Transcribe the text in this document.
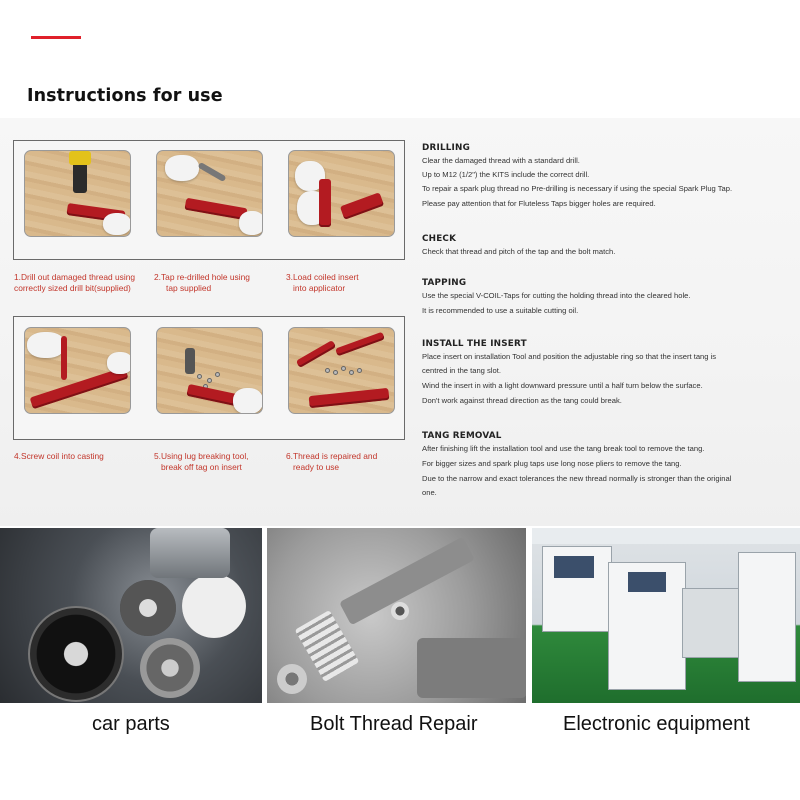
Instructions for use
1.Drill out damaged thread using
correctly sized drill bit(supplied)
2.Tap re-drilled hole using
tap supplied
3.Load coiled insert
into applicator
4.Screw coil into casting	5.Using lug breaking tool,
break off tag on insert
6.Thread is repaired and
ready to use
DRILLING
Clear the damaged thread with a standard drill.
Up to M12 (1/2") the KITS include the correct drill.
To repair a spark plug thread no Pre-drilling is necessary if using the special Spark Plug Tap.
Please pay attention that for Fluteless Taps bigger holes are required.
CHECK
Check that thread and pitch of the tap and the bolt match.
TAPPING
Use the special V-COIL-Taps for cutting the holding thread into the cleared hole.
It is recommended to use a suitable cutting oil.
INSTALL THE INSERT
Place insert on installation Tool and position the adjustable ring so that the insert tang is
centred in the tang slot.
Wind the insert in with a light downward pressure until a half turn below the surface.
Don't work against thread direction as the tang could break.
TANG REMOVAL
After finishing lift the installation tool and use the tang break tool to remove the tang.
For bigger sizes and spark plug taps use long nose pliers to remove the tang.
Due to the narrow and exact tolerances the new thread normally is stronger than the original
one.
car parts	Bolt Thread Repair	Electronic equipment
